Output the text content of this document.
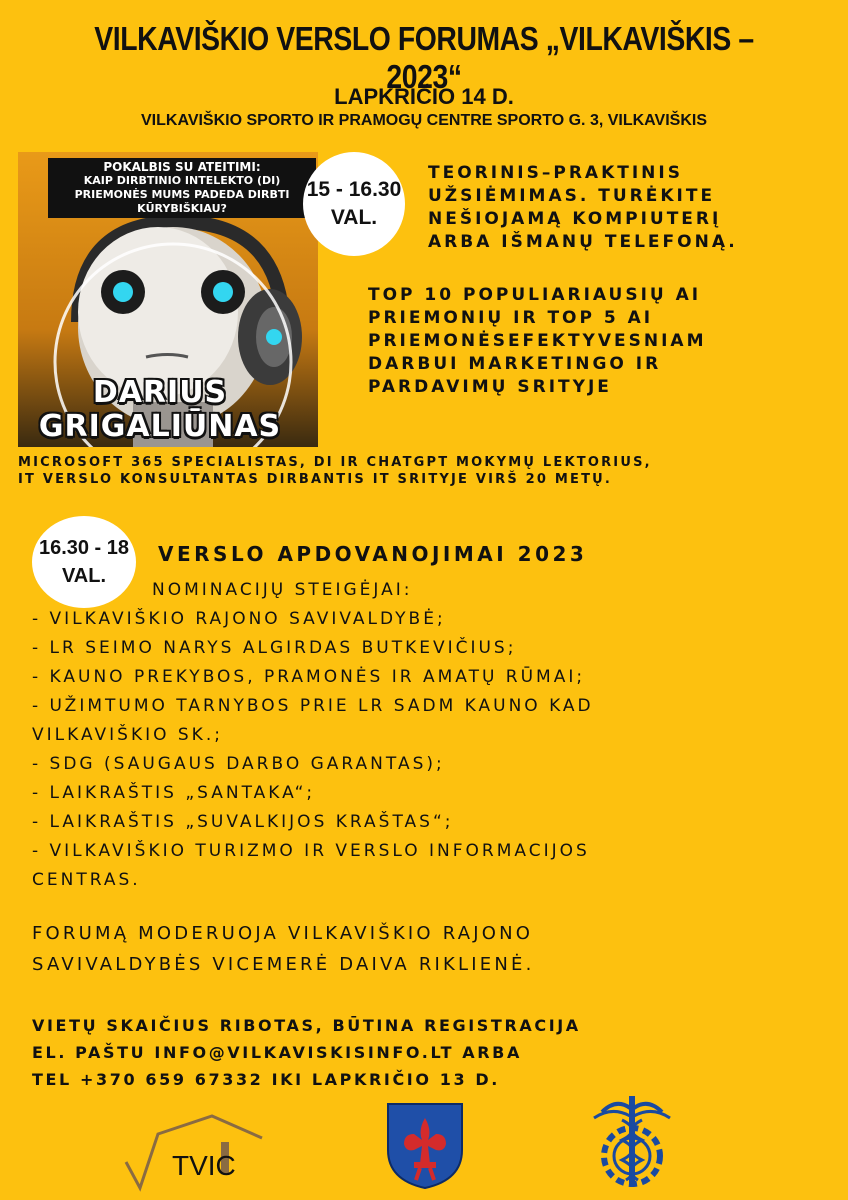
VILKAVIŠKIO VERSLO FORUMAS „VILKAVIŠKIS – 2023“
LAPKRIČIO 14 D.
VILKAVIŠKIO SPORTO IR PRAMOGŲ CENTRE SPORTO G. 3, VILKAVIŠKIS
POKALBIS SU ATEITIMI:
KAIP DIRBTINIO INTELEKTO (DI) PRIEMONĖS MUMS PADEDA DIRBTI KŪRYBIŠKIAU?
DARIUS
GRIGALIŪNAS
15 - 16.30
VAL.
TEORINIS–PRAKTINIS
UŽSIĖMIMAS. TURĖKITE
NEŠIOJAMĄ KOMPIUTERĮ
ARBA IŠMANŲ TELEFONĄ.
TOP 10 POPULIARIAUSIŲ AI
PRIEMONIŲ IR TOP 5 AI
PRIEMONĖSEFEKTYVESNIAM
DARBUI MARKETINGO IR
PARDAVIMŲ SRITYJE
MICROSOFT 365 SPECIALISTAS, DI IR CHATGPT MOKYMŲ LEKTORIUS,
IT VERSLO KONSULTANTAS DIRBANTIS IT SRITYJE VIRŠ 20 METŲ.
16.30 - 18
VAL.
VERSLO APDOVANOJIMAI 2023
NOMINACIJŲ STEIGĖJAI:
- VILKAVIŠKIO RAJONO SAVIVALDYBĖ;
- LR SEIMO NARYS ALGIRDAS BUTKEVIČIUS;
- KAUNO PREKYBOS, PRAMONĖS IR AMATŲ RŪMAI;
- UŽIMTUMO TARNYBOS PRIE LR SADM KAUNO KAD
VILKAVIŠKIO SK.;
- SDG (SAUGAUS DARBO GARANTAS);
- LAIKRAŠTIS „SANTAKA“;
- LAIKRAŠTIS „SUVALKIJOS KRAŠTAS“;
- VILKAVIŠKIO TURIZMO IR VERSLO INFORMACIJOS
CENTRAS.
FORUMĄ MODERUOJA VILKAVIŠKIO RAJONO
SAVIVALDYBĖS VICEMERĖ DAIVA RIKLIENĖ.
VIETŲ SKAIČIUS RIBOTAS, BŪTINA REGISTRACIJA
EL. PAŠTU INFO@VILKAVISKISINFO.LT ARBA
TEL +370 659 67332 IKI LAPKRIČIO 13 D.
TVIC
